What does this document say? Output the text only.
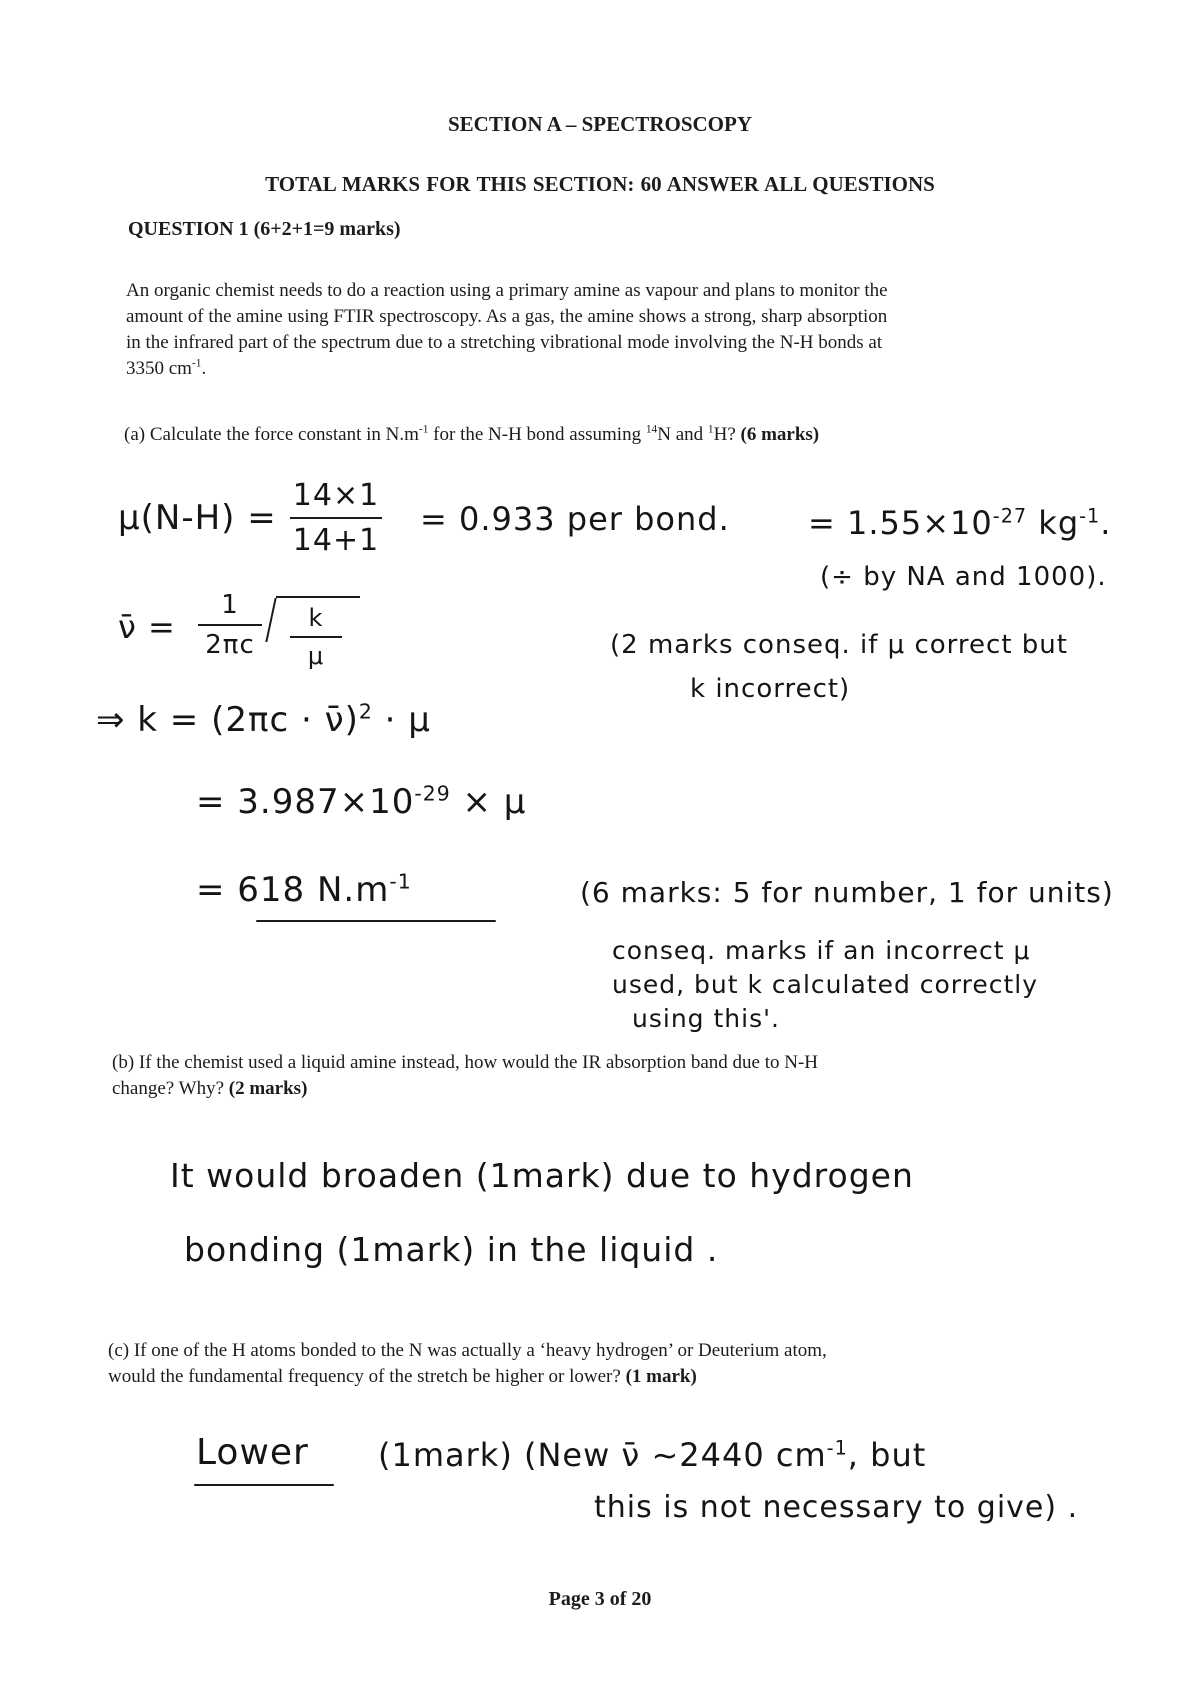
SECTION A – SPECTROSCOPY
TOTAL MARKS FOR THIS SECTION: 60 ANSWER ALL QUESTIONS
QUESTION 1 (6+2+1=9 marks)
An organic chemist needs to do a reaction using a primary amine as vapour and plans to monitor the
amount of the amine using FTIR spectroscopy. As a gas, the amine shows a strong, sharp absorption
in the infrared part of the spectrum due to a stretching vibrational mode involving the N-H bonds at
3350 $cm^{-1}$.
(a) Calculate the force constant in $N.m^{-1}$ for the N-H bond assuming $^{14}$N and $^1$H? (6 marks)
μ(N-H) =
14×1
14+1
= 0.933 per bond. = $1.55\times 10^{-27}$ $kg^{-1}$.
(÷ by NA and 1000).
ν̄ =
1
2πc
k
μ	(2 marks conseq. if μ correct but
k incorrect)
⇒ k = (2πc · ν̄)$^2$ · μ
= $3.987\times 10^{-29} \times \mu$
= 618 $N.m^{-1}$	(6 marks: 5 for number, 1 for units)
conseq. marks if an incorrect μ
used, but k calculated correctly
using this'.
(b) If the chemist used a liquid amine instead, how would the IR absorption band due to N-H
change? Why? (2 marks)
It would broaden (1mark) due to hydrogen
bonding (1mark) in the liquid .
(c) If one of the H atoms bonded to the N was actually a ‘heavy hydrogen’ or Deuterium atom,
would the fundamental frequency of the stretch be higher or lower? (1 mark)
Lower (1mark) (New ν̄ ~2440 $cm^{-1}$, but
this is not necessary to give) .
Page 3 of 20
